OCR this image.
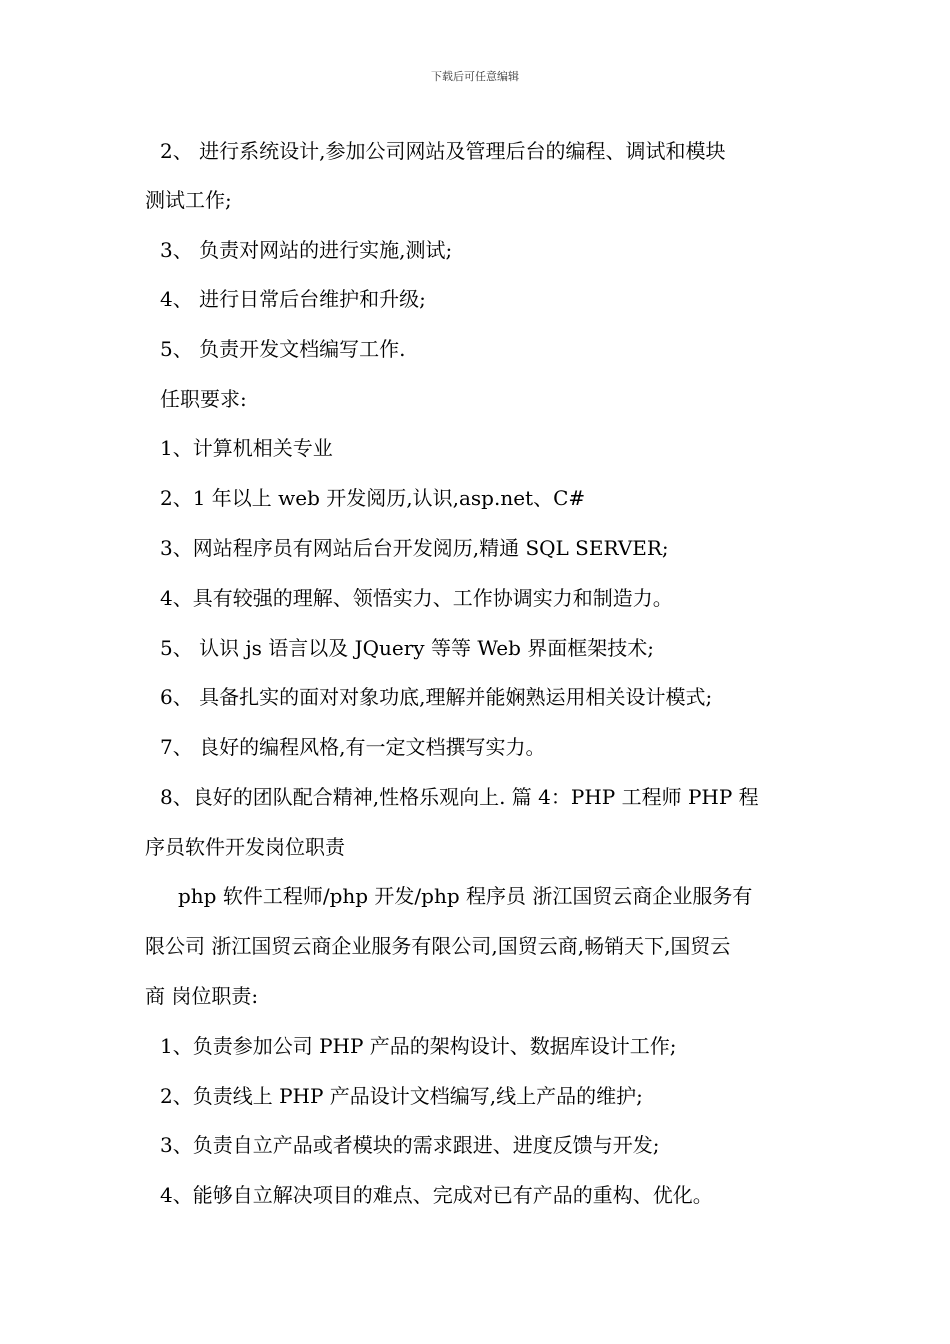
下载后可任意编辑
2、 进行系统设计,参加公司网站及管理后台的编程、调试和模块
测试工作;
3、 负责对网站的进行实施,测试;
4、 进行日常后台维护和升级;
5、 负责开发文档编写工作.
任职要求:
1、计算机相关专业
2、1 年以上 web 开发阅历,认识,asp.net、C#
3、网站程序员有网站后台开发阅历,精通 SQL SERVER;
4、具有较强的理解、领悟实力、工作协调实力和制造力。
5、 认识 js 语言以及 JQuery 等等 Web 界面框架技术;
6、 具备扎实的面对对象功底,理解并能娴熟运用相关设计模式;
7、 良好的编程风格,有一定文档撰写实力。
8、良好的团队配合精神,性格乐观向上. 篇 4：PHP 工程师 PHP 程
序员软件开发岗位职责
php 软件工程师/php 开发/php 程序员 浙江国贸云商企业服务有
限公司 浙江国贸云商企业服务有限公司,国贸云商,畅销天下,国贸云
商 岗位职责:
1、负责参加公司 PHP 产品的架构设计、数据库设计工作;
2、负责线上 PHP 产品设计文档编写,线上产品的维护;
3、负责自立产品或者模块的需求跟进、进度反馈与开发;
4、能够自立解决项目的难点、完成对已有产品的重构、优化。
